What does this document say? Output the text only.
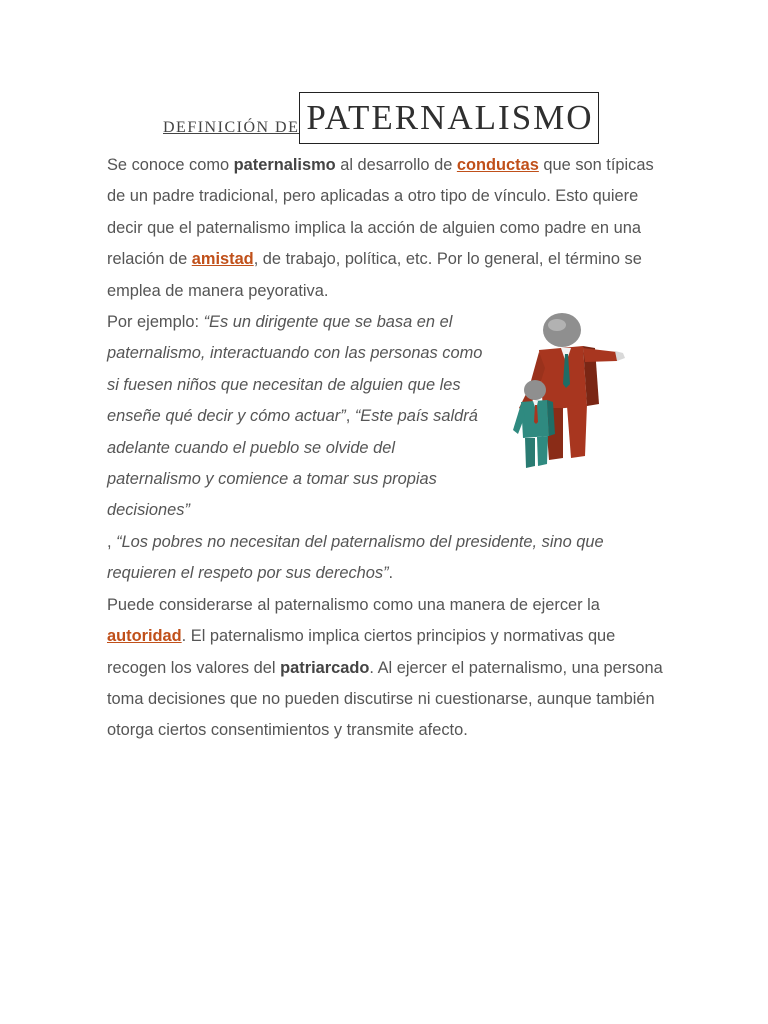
DEFINICIÓN DE PATERNALISMO

Se conoce como paternalismo al desarrollo de conductas que son típicas de un padre tradicional, pero aplicadas a otro tipo de vínculo. Esto quiere decir que el paternalismo implica la acción de alguien como padre en una relación de amistad, de trabajo, política, etc. Por lo general, el término se emplea de manera peyorativa.

Por ejemplo: “Es un dirigente que se basa en el paternalismo, interactuando con las personas como si fuesen niños que necesitan de alguien que les enseñe qué decir y cómo actuar”, “Este país saldrá adelante cuando el pueblo se olvide del paternalismo y comience a tomar sus propias decisiones”

, “Los pobres no necesitan del paternalismo del presidente, sino que requieren el respeto por sus derechos”.

Puede considerarse al paternalismo como una manera de ejercer la autoridad. El paternalismo implica ciertos principios y normativas que recogen los valores del patriarcado. Al ejercer el paternalismo, una persona toma decisiones que no pueden discutirse ni cuestionarse, aunque también otorga ciertos consentimientos y transmite afecto.
